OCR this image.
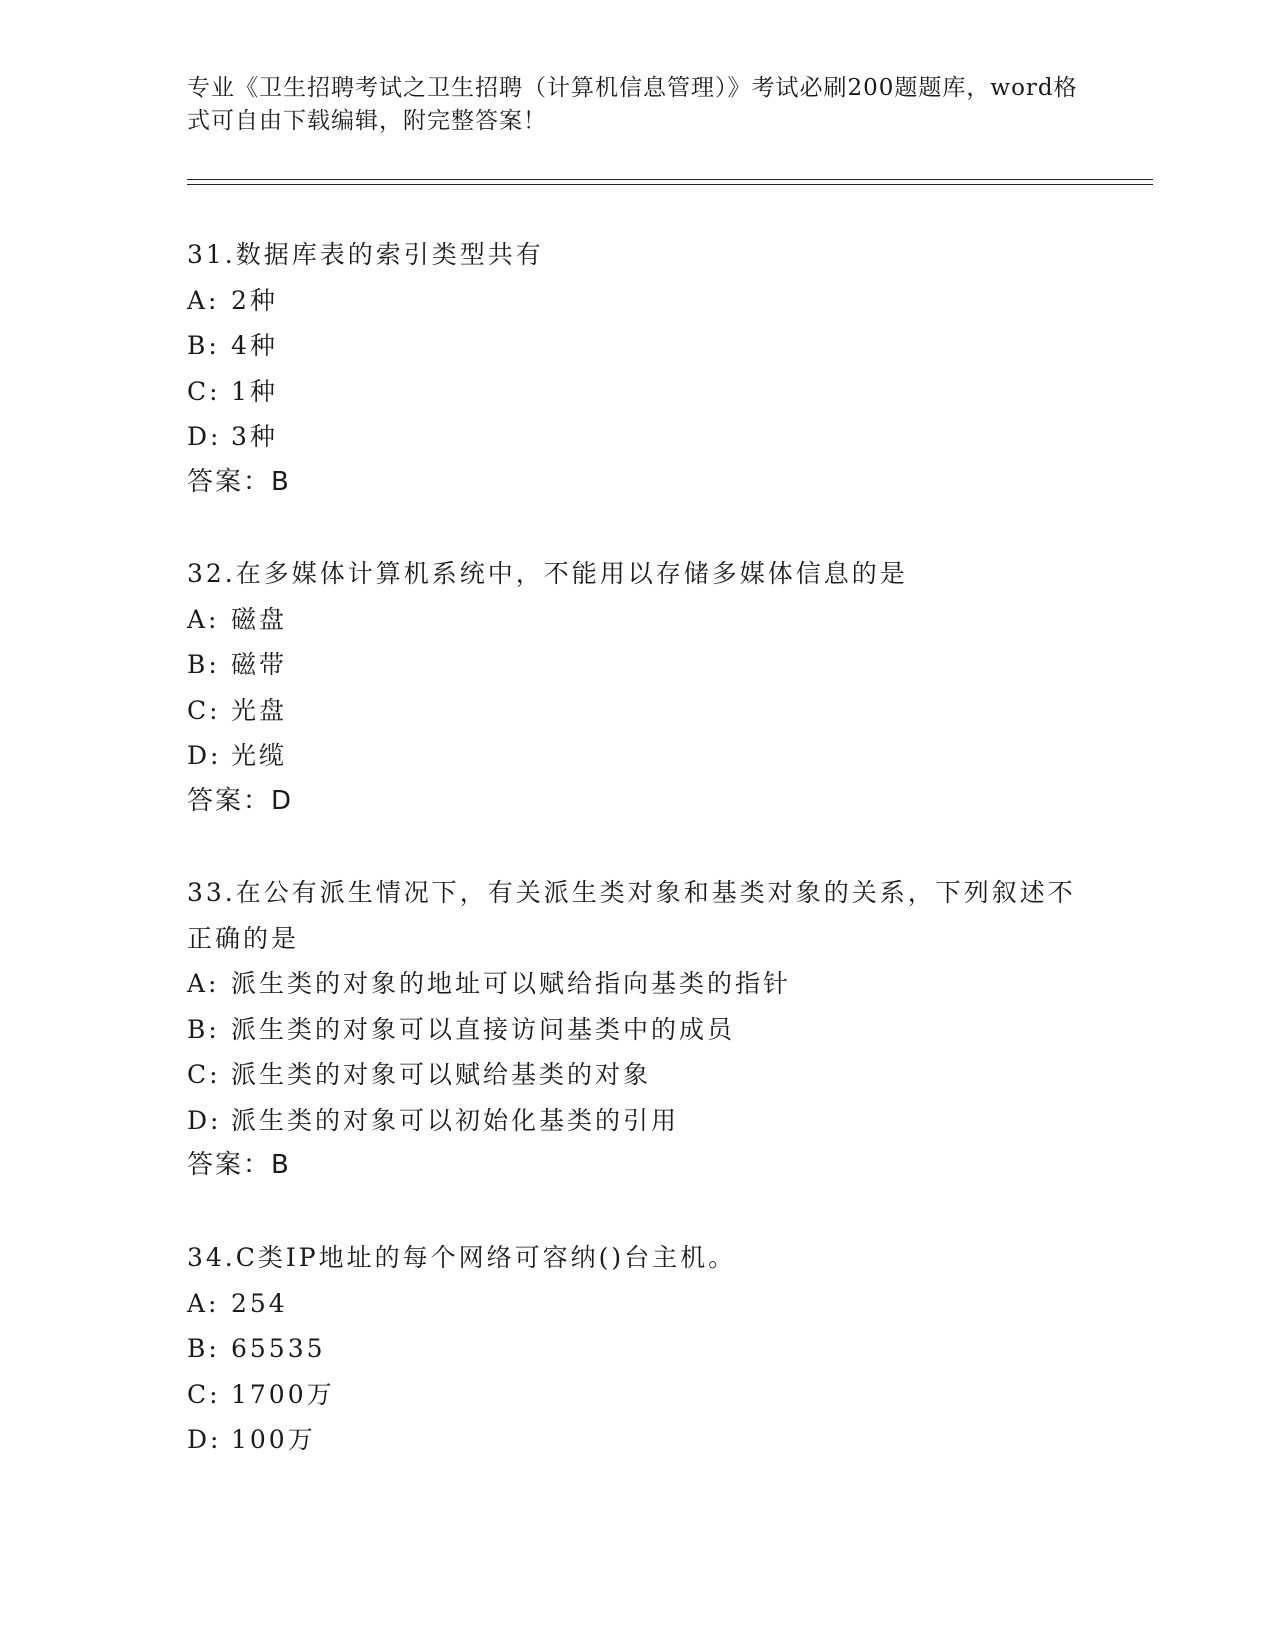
专业《卫生招聘考试之卫生招聘（计算机信息管理）》考试必刷200题题库，word格式可自由下载编辑，附完整答案！
31.数据库表的索引类型共有
A: 2种
B: 4种
C: 1种
D: 3种
答案：B
32.在多媒体计算机系统中，不能用以存储多媒体信息的是
A: 磁盘
B: 磁带
C: 光盘
D: 光缆
答案：D
33.在公有派生情况下，有关派生类对象和基类对象的关系，下列叙述不正确的是
A: 派生类的对象的地址可以赋给指向基类的指针
B: 派生类的对象可以直接访问基类中的成员
C: 派生类的对象可以赋给基类的对象
D: 派生类的对象可以初始化基类的引用
答案：B
34.C类IP地址的每个网络可容纳()台主机。
A: 254
B: 65535
C: 1700万
D: 100万
